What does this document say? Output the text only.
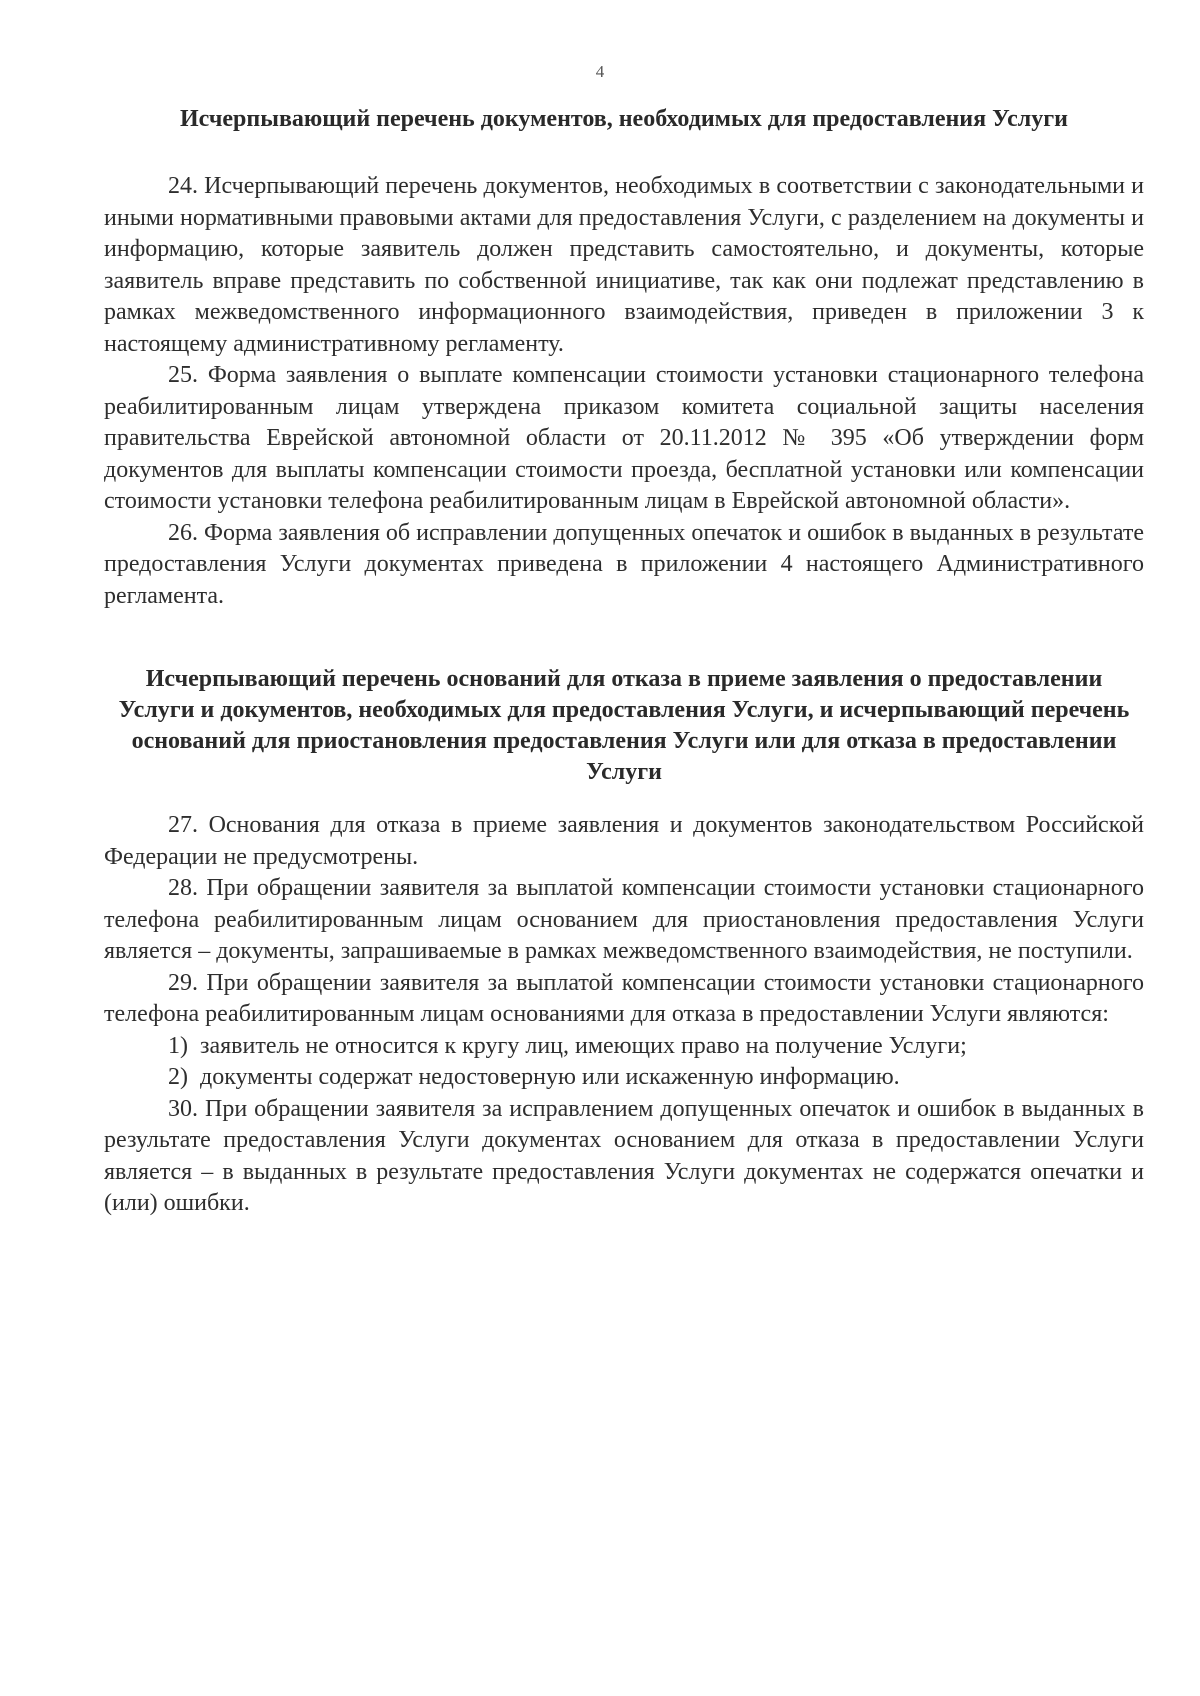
4
Исчерпывающий перечень документов, необходимых для предоставления Услуги

24. Исчерпывающий перечень документов, необходимых в соответствии с законодательными и иными нормативными правовыми актами для предоставления Услуги, с разделением на документы и информацию, которые заявитель должен представить самостоятельно, и документы, которые заявитель вправе представить по собственной инициативе, так как они подлежат представлению в рамках межведомственного информационного взаимодействия, приведен в приложении 3 к настоящему административному регламенту.

25. Форма заявления о выплате компенсации стоимости установки стационарного телефона реабилитированным лицам утверждена приказом комитета социальной защиты населения правительства Еврейской автономной области от 20.11.2012 № 395 «Об утверждении форм документов для выплаты компенсации стоимости проезда, бесплатной установки или компенсации стоимости установки телефона реабилитированным лицам в Еврейской автономной области».

26. Форма заявления об исправлении допущенных опечаток и ошибок в выданных в результате предоставления Услуги документах приведена в приложении 4 настоящего Административного регламента.

Исчерпывающий перечень оснований для отказа в приеме заявления о предоставлении Услуги и документов, необходимых для предоставления Услуги, и исчерпывающий перечень оснований для приостановления предоставления Услуги или для отказа в предоставлении Услуги

27. Основания для отказа в приеме заявления и документов законодательством Российской Федерации не предусмотрены.

28. При обращении заявителя за выплатой компенсации стоимости установки стационарного телефона реабилитированным лицам основанием для приостановления предоставления Услуги является – документы, запрашиваемые в рамках межведомственного взаимодействия, не поступили.

29. При обращении заявителя за выплатой компенсации стоимости установки стационарного телефона реабилитированным лицам основаниями для отказа в предоставлении Услуги являются:

1) заявитель не относится к кругу лиц, имеющих право на получение Услуги;

2) документы содержат недостоверную или искаженную информацию.

30. При обращении заявителя за исправлением допущенных опечаток и ошибок в выданных в результате предоставления Услуги документах основанием для отказа в предоставлении Услуги является – в выданных в результате предоставления Услуги документах не содержатся опечатки и (или) ошибки.
